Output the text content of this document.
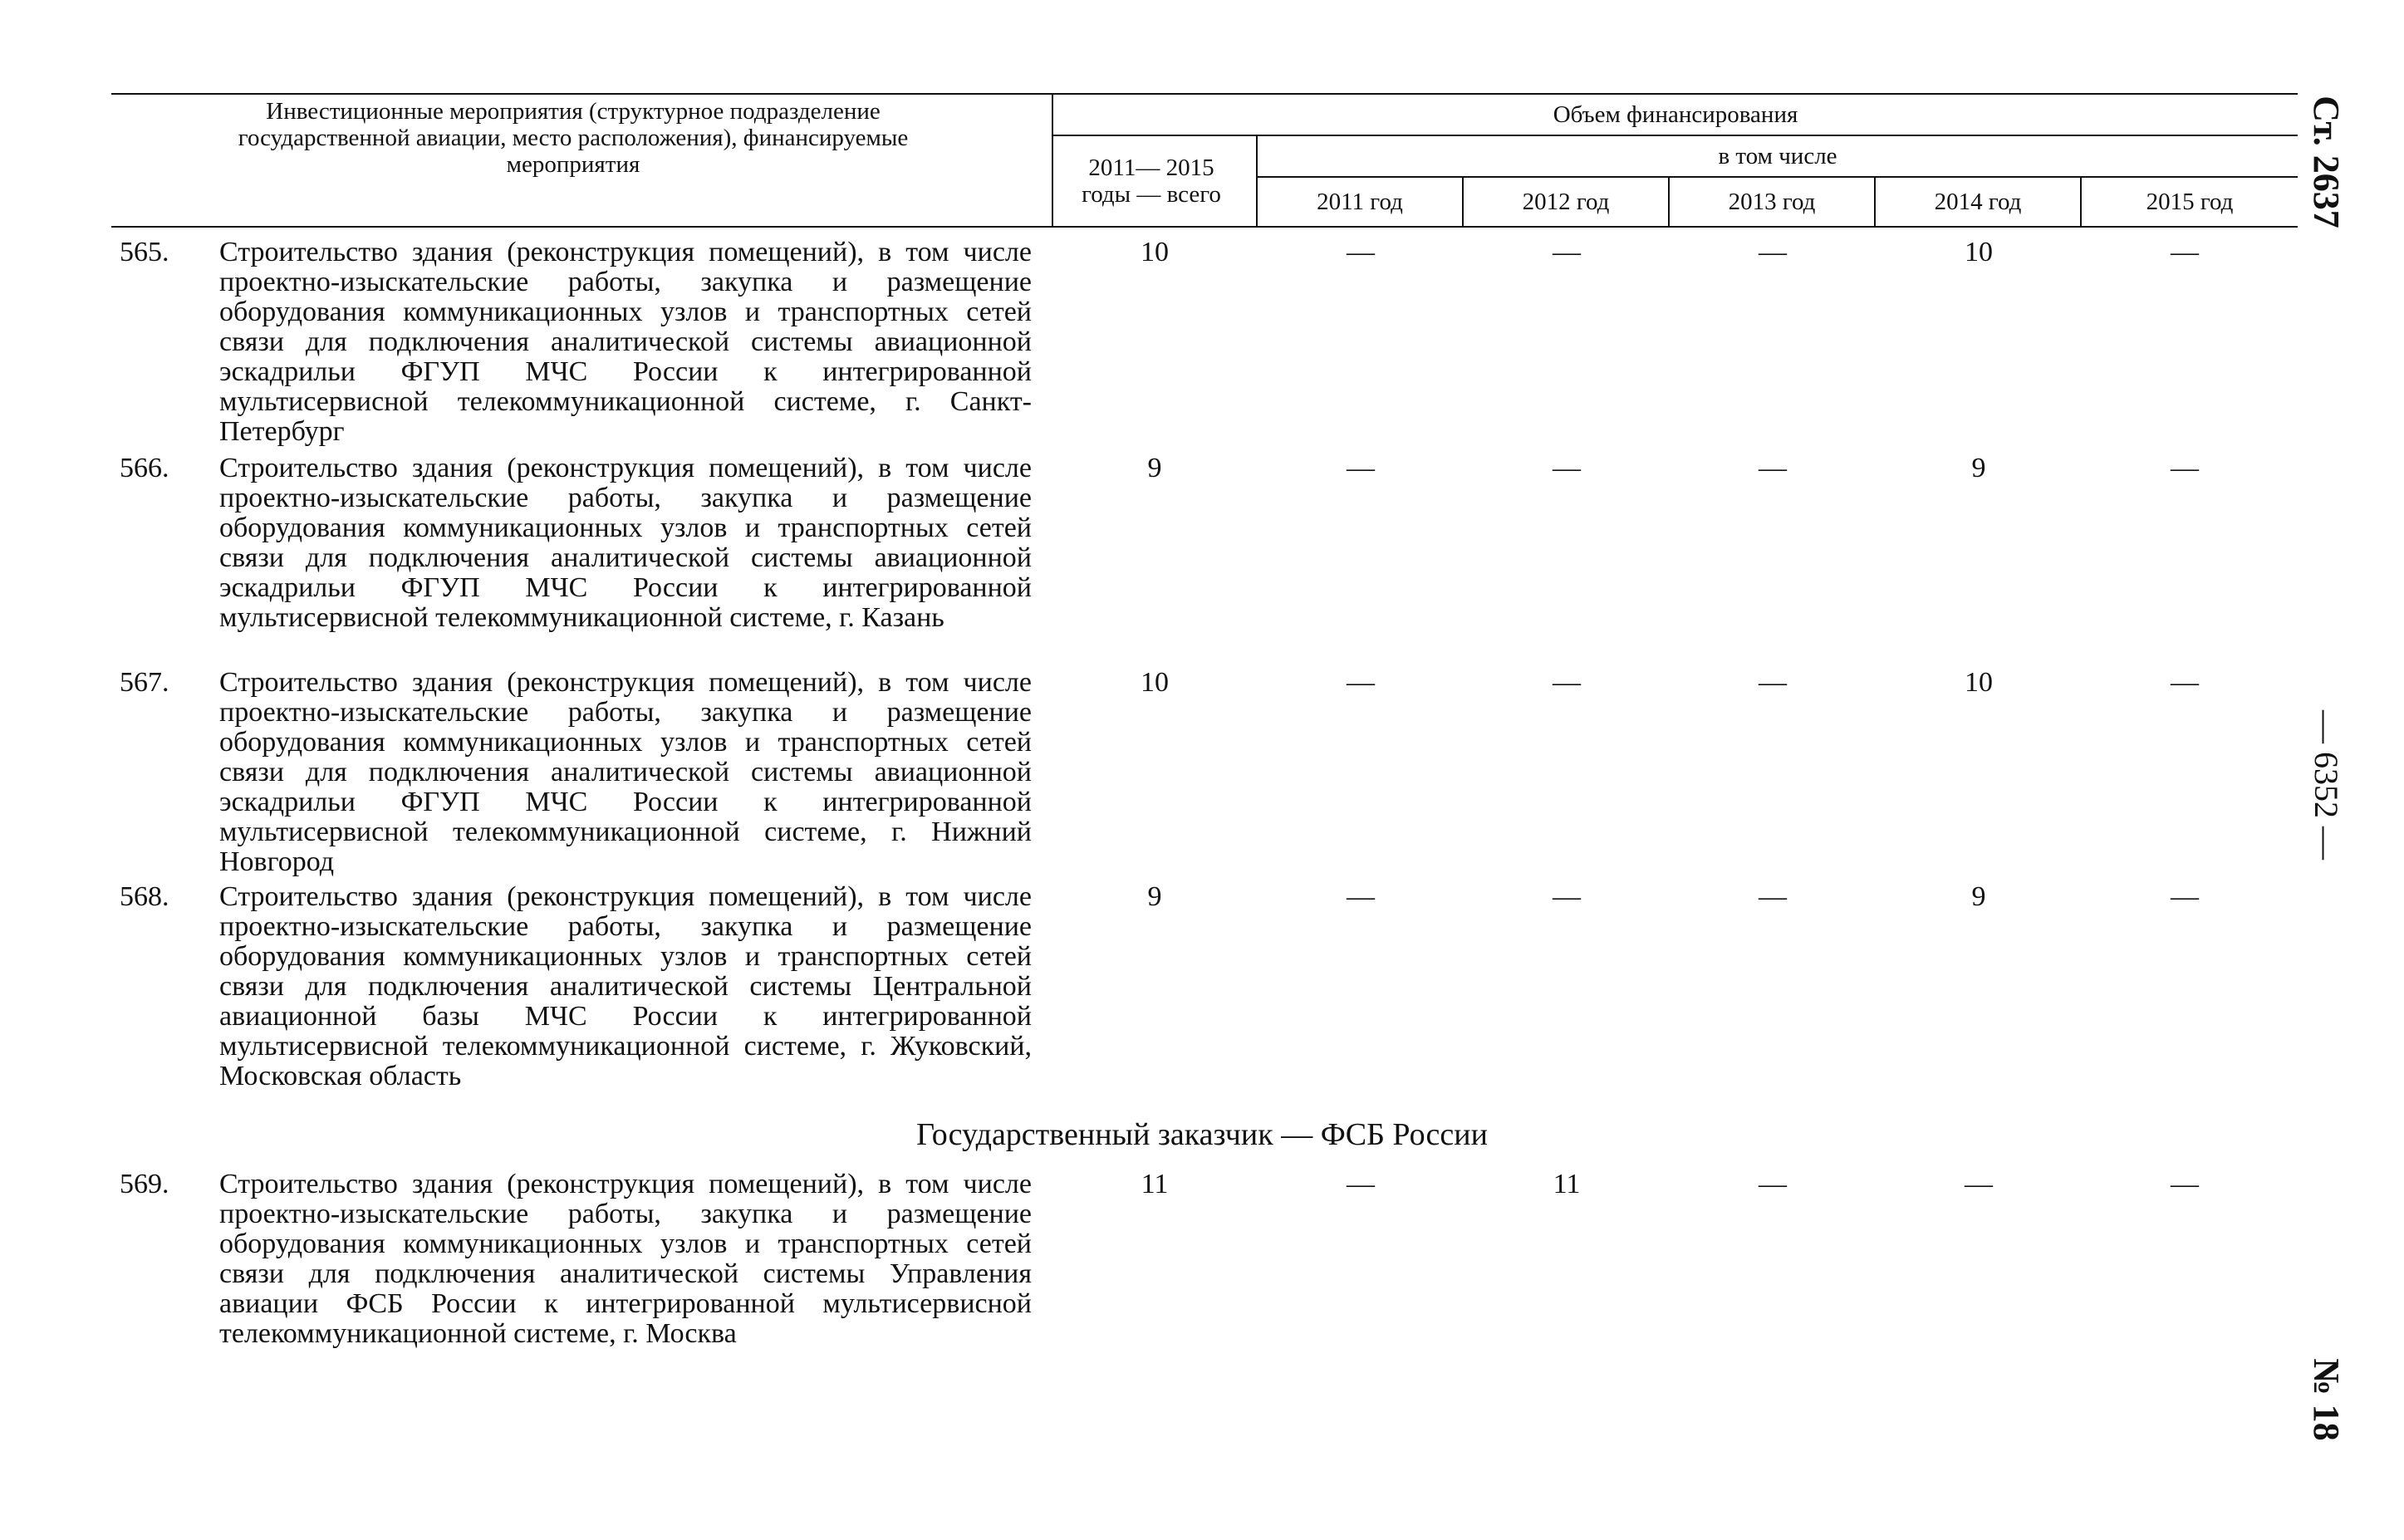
Инвестиционные мероприятия (структурное подразделение государственной авиации, место расположения), финансируемые мероприятия
Объем финансирования
2011— 2015 годы — всего
в том числе
2011 год	2012 год	2013 год	2014 год	2015 год
565. Строительство здания (реконструкция помещений), в том числе проектно-изыскательские работы, закупка и размещение оборудования коммуникационных узлов и транспортных сетей связи для подключения аналитической системы авиационной эскадрильи ФГУП МЧС России к интегрированной мультисервисной телекоммуникационной системе, г. Санкт-Петербург
10	—	—	—	10	—
566. Строительство здания (реконструкция помещений), в том числе проектно-изыскательские работы, закупка и размещение оборудования коммуникационных узлов и транспортных сетей связи для подключения аналитической системы авиационной эскадрильи ФГУП МЧС России к интегрированной мультисервисной телекоммуникационной системе, г. Казань
9	—	—	—	9	—
567. Строительство здания (реконструкция помещений), в том числе проектно-изыскательские работы, закупка и размещение оборудования коммуникационных узлов и транспортных сетей связи для подключения аналитической системы авиационной эскадрильи ФГУП МЧС России к интегрированной мультисервисной телекоммуникационной системе, г. Нижний Новгород
10	—	—	—	10	—
568. Строительство здания (реконструкция помещений), в том числе проектно-изыскательские работы, закупка и размещение оборудования коммуникационных узлов и транспортных сетей связи для подключения аналитической системы Центральной авиационной базы МЧС России к интегрированной мультисервисной телекоммуникационной системе, г. Жуковский, Московская область
9	—	—	—	9	—
Государственный заказчик — ФСБ России
569. Строительство здания (реконструкция помещений), в том числе проектно-изыскательские работы, закупка и размещение оборудования коммуникационных узлов и транспортных сетей связи для подключения аналитической системы Управления авиации ФСБ России к интегрированной мультисервисной телекоммуникационной системе, г. Москва
11	—	11	—	—	—
Ст. 2637
— 6352 —
№ 18
